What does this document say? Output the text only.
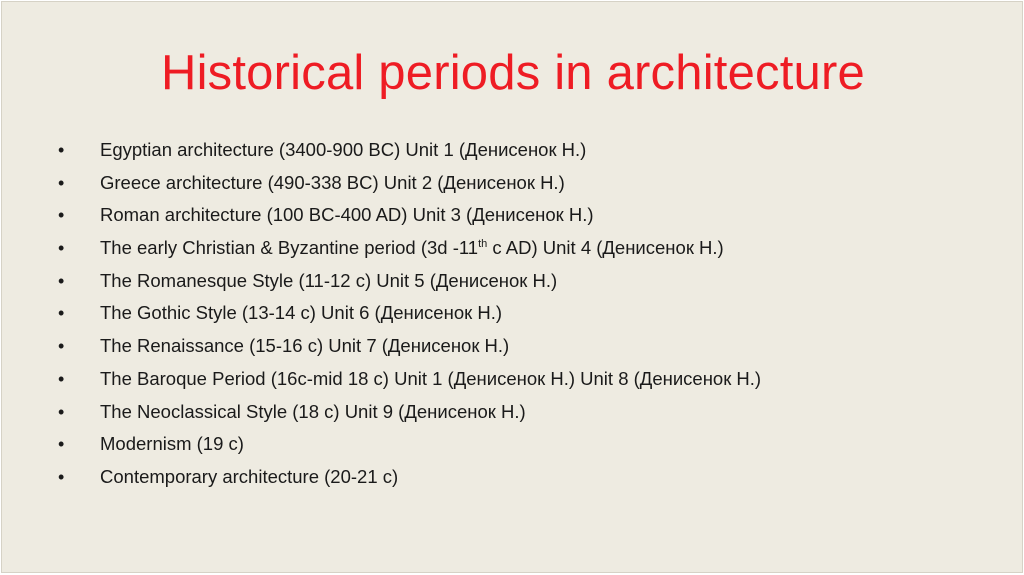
Historical periods in architecture
•	Egyptian architecture (3400-900 BC) Unit 1 (Денисенок Н.)
•	Greece architecture (490-338 BC) Unit 2 (Денисенок Н.)
•	Roman architecture (100 BC-400 AD) Unit 3 (Денисенок Н.)
•	The early Christian & Byzantine period (3d -11th c AD) Unit 4 (Денисенок Н.)
•	The Romanesque Style (11-12 c) Unit 5 (Денисенок Н.)
•	The Gothic Style (13-14 c) Unit 6 (Денисенок Н.)
•	The Renaissance (15-16 c) Unit 7 (Денисенок Н.)
•	The Baroque Period (16c-mid 18 c) Unit 1 (Денисенок Н.) Unit 8 (Денисенок Н.)
•	The Neoclassical Style (18 c) Unit 9 (Денисенок Н.)
•	Modernism (19 c)
•	Contemporary architecture (20-21 c)
